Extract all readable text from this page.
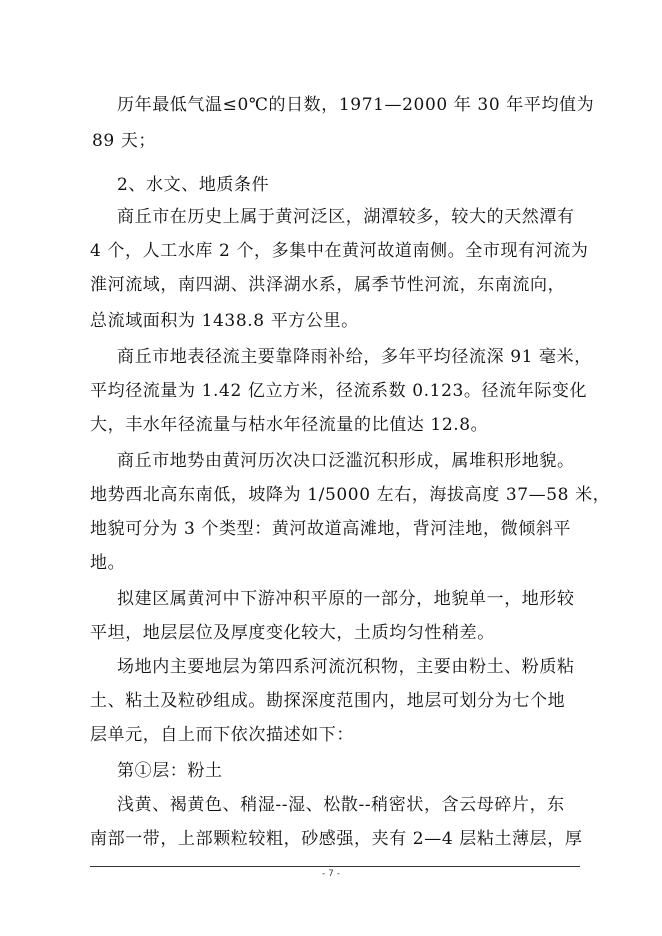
历年最低气温≤0℃的日数，1971—2000 年 30 年平均值为
89 天；
2、水文、地质条件
商丘市在历史上属于黄河泛区，湖潭较多，较大的天然潭有
4 个，人工水库 2 个，多集中在黄河故道南侧。全市现有河流为
淮河流域，南四湖、洪泽湖水系，属季节性河流，东南流向，
总流域面积为 1438.8 平方公里。
商丘市地表径流主要靠降雨补给，多年平均径流深 91 毫米，
平均径流量为 1.42 亿立方米，径流系数 0.123。径流年际变化
大，丰水年径流量与枯水年径流量的比值达 12.8。
商丘市地势由黄河历次决口泛滥沉积形成，属堆积形地貌。
地势西北高东南低，坡降为 1/5000 左右，海拔高度 37—58 米，
地貌可分为 3 个类型：黄河故道高滩地，背河洼地，微倾斜平
地。
拟建区属黄河中下游冲积平原的一部分，地貌单一，地形较
平坦，地层层位及厚度变化较大，土质均匀性稍差。
场地内主要地层为第四系河流沉积物，主要由粉土、粉质粘
土、粘土及粒砂组成。勘探深度范围内，地层可划分为七个地
层单元，自上而下依次描述如下：
第①层：粉土
浅黄、褐黄色、稍湿--湿、松散--稍密状，含云母碎片，东
南部一带，上部颗粒较粗，砂感强，夹有 2—4 层粘土薄层，厚
- 7 -
